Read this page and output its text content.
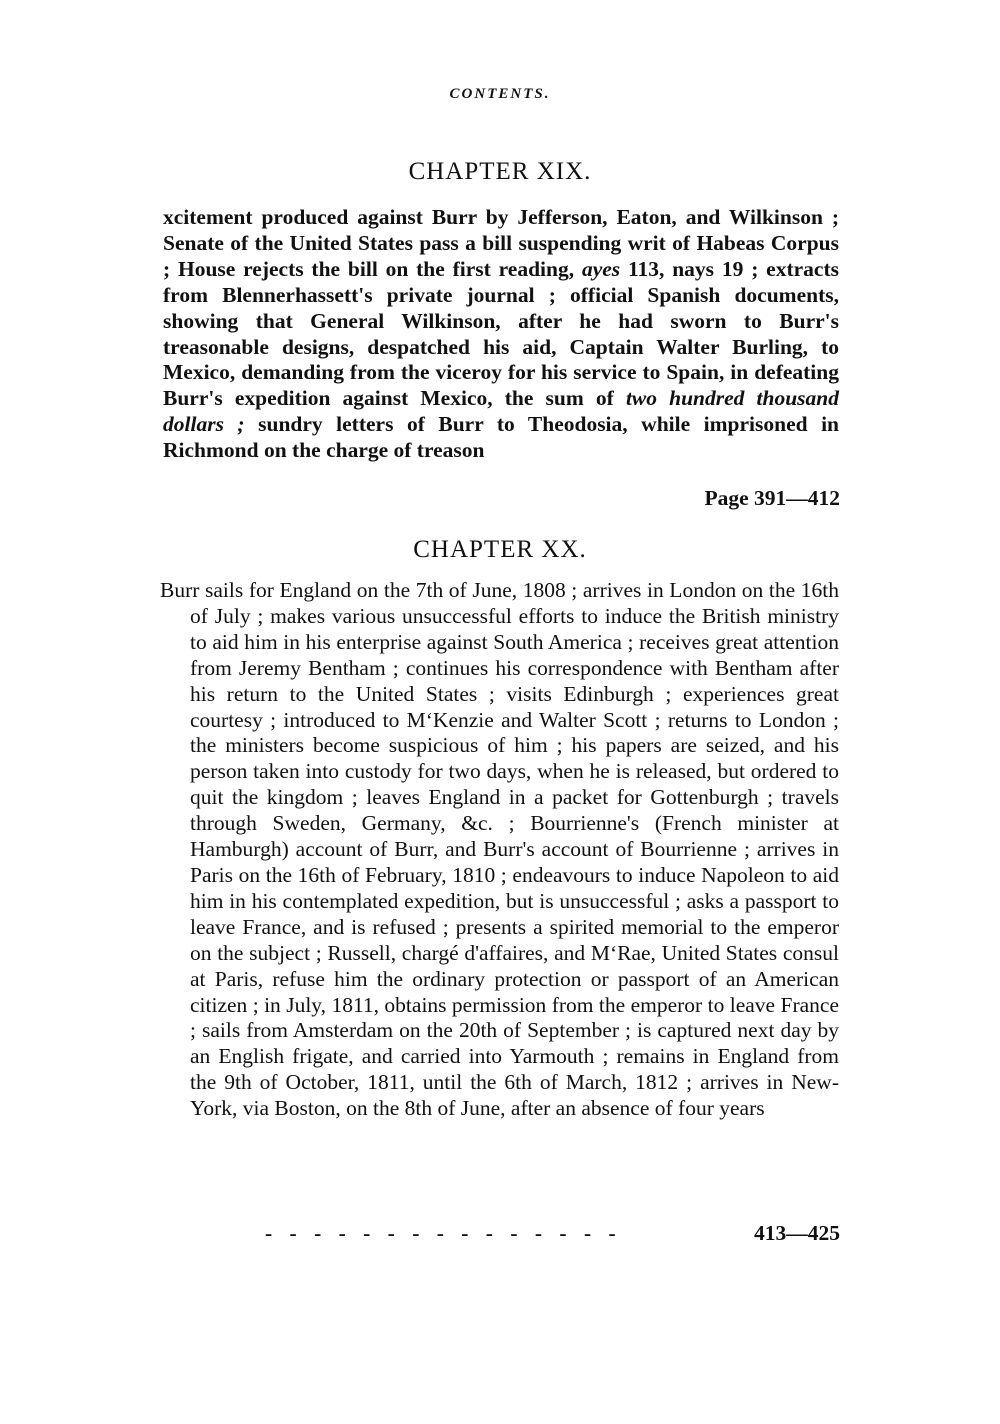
CONTENTS.
CHAPTER XIX.
xcitement produced against Burr by Jefferson, Eaton, and Wilkinson ; Senate of the United States pass a bill suspending writ of Habeas Corpus ; House rejects the bill on the first reading, ayes 113, nays 19 ; extracts from Blennerhassett's private journal ; official Spanish documents, showing that General Wilkinson, after he had sworn to Burr's treasonable designs, despatched his aid, Captain Walter Burling, to Mexico, demanding from the viceroy for his service to Spain, in defeating Burr's expedition against Mexico, the sum of two hundred thousand dollars ; sundry letters of Burr to Theodosia, while imprisoned in Richmond on the charge of treason
Page 391—412
CHAPTER XX.
Burr sails for England on the 7th of June, 1808 ; arrives in London on the 16th of July ; makes various unsuccessful efforts to induce the British ministry to aid him in his enterprise against South America ; receives great attention from Jeremy Bentham ; continues his correspondence with Bentham after his return to the United States ; visits Edinburgh ; experiences great courtesy ; introduced to M‘Kenzie and Walter Scott ; returns to London ; the ministers become suspicious of him ; his papers are seized, and his person taken into custody for two days, when he is released, but ordered to quit the kingdom ; leaves England in a packet for Gottenburgh ; travels through Sweden, Germany, &c. ; Bourrienne's (French minister at Hamburgh) account of Burr, and Burr's account of Bourrienne ; arrives in Paris on the 16th of February, 1810 ; endeavours to induce Napoleon to aid him in his contemplated expedition, but is unsuccessful ; asks a passport to leave France, and is refused ; presents a spirited memorial to the emperor on the subject ; Russell, chargé d'affaires, and M‘Rae, United States consul at Paris, refuse him the ordinary protection or passport of an American citizen ; in July, 1811, obtains permission from the emperor to leave France ; sails from Amsterdam on the 20th of September ; is captured next day by an English frigate, and carried into Yarmouth ; remains in England from the 9th of October, 1811, until the 6th of March, 1812 ; arrives in New-York, via Boston, on the 8th of June, after an absence of four years
- - - - - - - - - - - - - - -	413—425
